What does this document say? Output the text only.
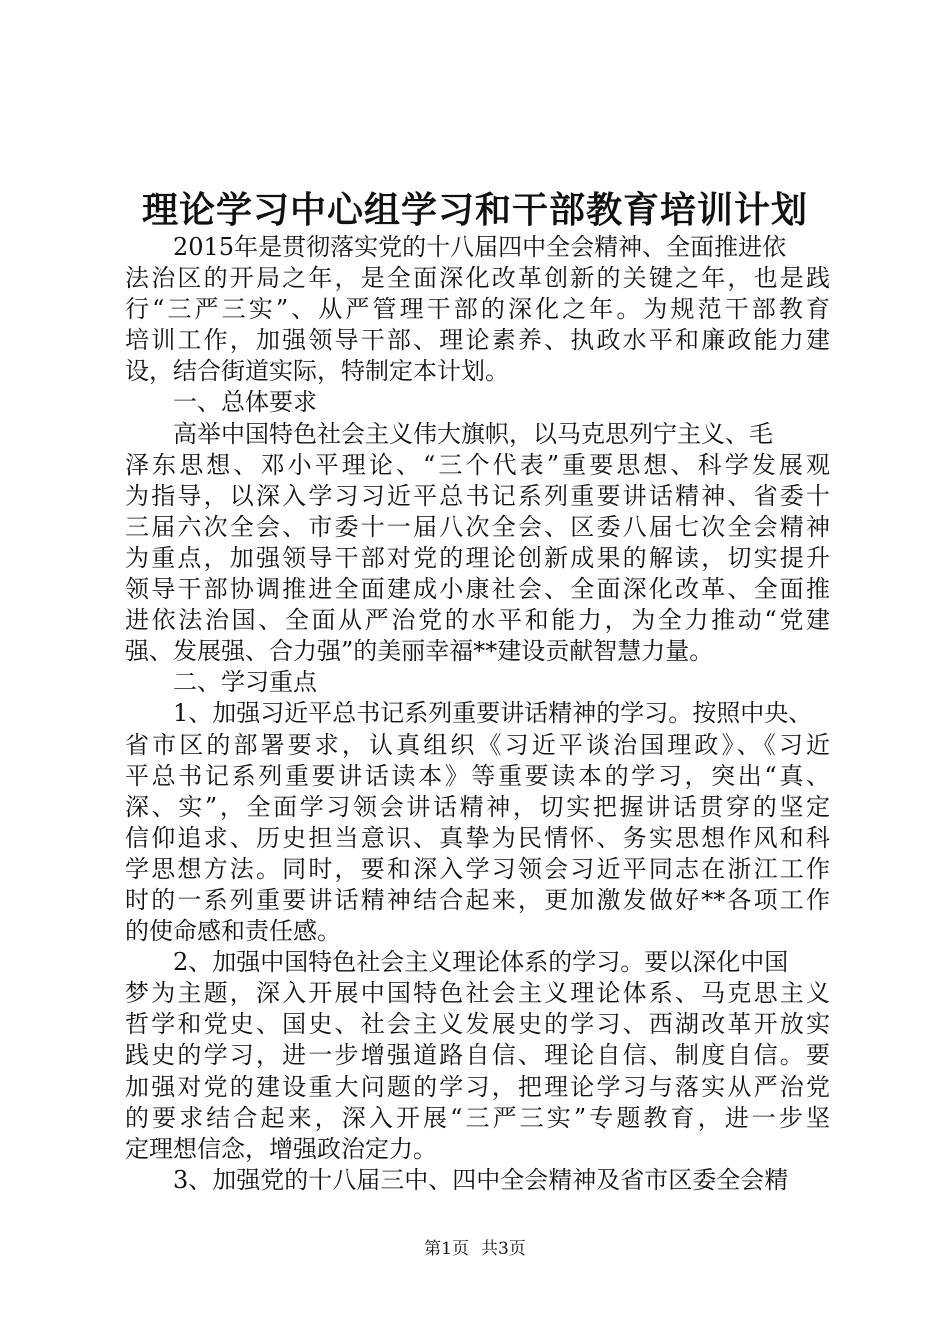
理论学习中心组学习和干部教育培训计划
2015年是贯彻落实党的十八届四中全会精神、全面推进依
法治区的开局之年，是全面深化改革创新的关键之年，也是践
行“三严三实”、从严管理干部的深化之年。为规范干部教育
培训工作，加强领导干部、理论素养、执政水平和廉政能力建
设，结合街道实际，特制定本计划。
一、总体要求
高举中国特色社会主义伟大旗帜，以马克思列宁主义、毛
泽东思想、邓小平理论、“三个代表”重要思想、科学发展观
为指导，以深入学习习近平总书记系列重要讲话精神、省委十
三届六次全会、市委十一届八次全会、区委八届七次全会精神
为重点，加强领导干部对党的理论创新成果的解读，切实提升
领导干部协调推进全面建成小康社会、全面深化改革、全面推
进依法治国、全面从严治党的水平和能力，为全力推动“党建
强、发展强、合力强”的美丽幸福**建设贡献智慧力量。
二、学习重点
1、加强习近平总书记系列重要讲话精神的学习。按照中央、
省市区的部署要求，认真组织《习近平谈治国理政》、《习近
平总书记系列重要讲话读本》等重要读本的学习，突出“真、
深、实”，全面学习领会讲话精神，切实把握讲话贯穿的坚定
信仰追求、历史担当意识、真挚为民情怀、务实思想作风和科
学思想方法。同时，要和深入学习领会习近平同志在浙江工作
时的一系列重要讲话精神结合起来，更加激发做好**各项工作
的使命感和责任感。
2、加强中国特色社会主义理论体系的学习。要以深化中国
梦为主题，深入开展中国特色社会主义理论体系、马克思主义
哲学和党史、国史、社会主义发展史的学习、西湖改革开放实
践史的学习，进一步增强道路自信、理论自信、制度自信。要
加强对党的建设重大问题的学习，把理论学习与落实从严治党
的要求结合起来，深入开展“三严三实”专题教育，进一步坚
定理想信念，增强政治定力。
3、加强党的十八届三中、四中全会精神及省市区委全会精
第1页 共3页
